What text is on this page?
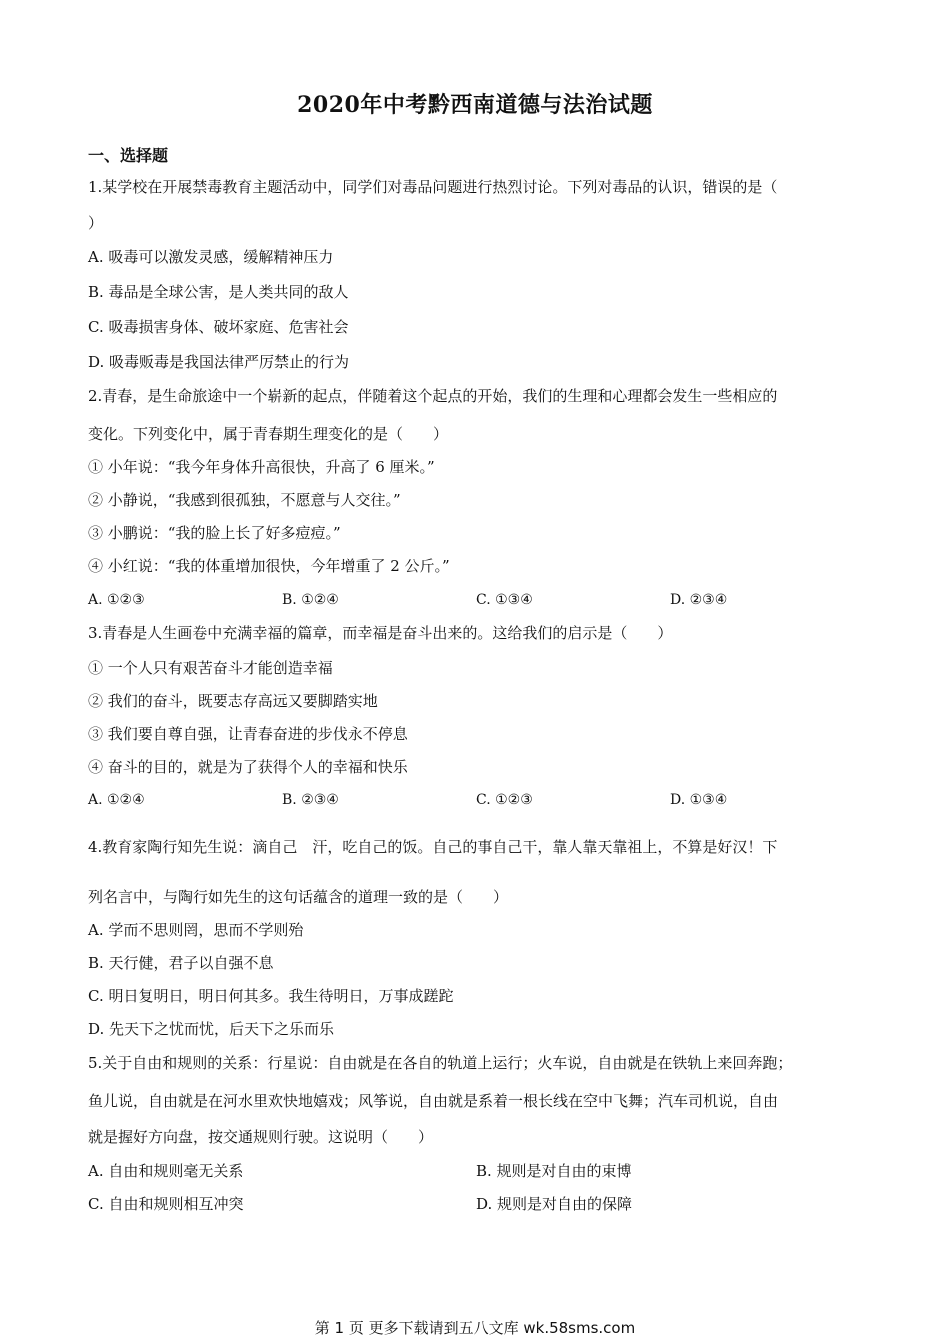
2020年中考黔西南道德与法治试题
一、选择题
1.某学校在开展禁毒教育主题活动中，同学们对毒品问题进行热烈讨论。下列对毒品的认识，错误的是（
）
A. 吸毒可以激发灵感，缓解精神压力
B. 毒品是全球公害，是人类共同的敌人
C. 吸毒损害身体、破坏家庭、危害社会
D. 吸毒贩毒是我国法律严厉禁止的行为
2.青春，是生命旅途中一个崭新的起点，伴随着这个起点的开始，我们的生理和心理都会发生一些相应的
变化。下列变化中，属于青春期生理变化的是（　　）
① 小年说：“我今年身体升高很快，升高了 6 厘米。”
② 小静说，“我感到很孤独，不愿意与人交往。”
③ 小鹏说：“我的脸上长了好多痘痘。”
④ 小红说：“我的体重增加很快，今年增重了 2 公斤。”
A. ①②③	B. ①②④	C. ①③④	D. ②③④
3.青春是人生画卷中充满幸福的篇章，而幸福是奋斗出来的。这给我们的启示是（　　）
① 一个人只有艰苦奋斗才能创造幸福
② 我们的奋斗，既要志存高远又要脚踏实地
③ 我们要自尊自强，让青春奋进的步伐永不停息
④ 奋斗的目的，就是为了获得个人的幸福和快乐
A. ①②④	B. ②③④	C. ①②③	D. ①③④
4.教育家陶行知先生说：滴自己　汗，吃自己的饭。自己的事自己干，靠人靠天靠祖上，不算是好汉！下
列名言中，与陶行如先生的这句话蕴含的道理一致的是（　　）
A. 学而不思则罔，思而不学则殆
B. 天行健，君子以自强不息
C. 明日复明日，明日何其多。我生待明日，万事成蹉跎
D. 先天下之忧而忧，后天下之乐而乐
5.关于自由和规则的关系：行星说：自由就是在各自的轨道上运行；火车说，自由就是在铁轨上来回奔跑；
鱼儿说，自由就是在河水里欢快地嬉戏；风筝说，自由就是系着一根长线在空中飞舞；汽车司机说，自由
就是握好方向盘，按交通规则行驶。这说明（　　）
A. 自由和规则毫无关系	B. 规则是对自由的束博
C. 自由和规则相互冲突	D. 规则是对自由的保障
第 1 页 更多下载请到五八文库 wk.58sms.com
